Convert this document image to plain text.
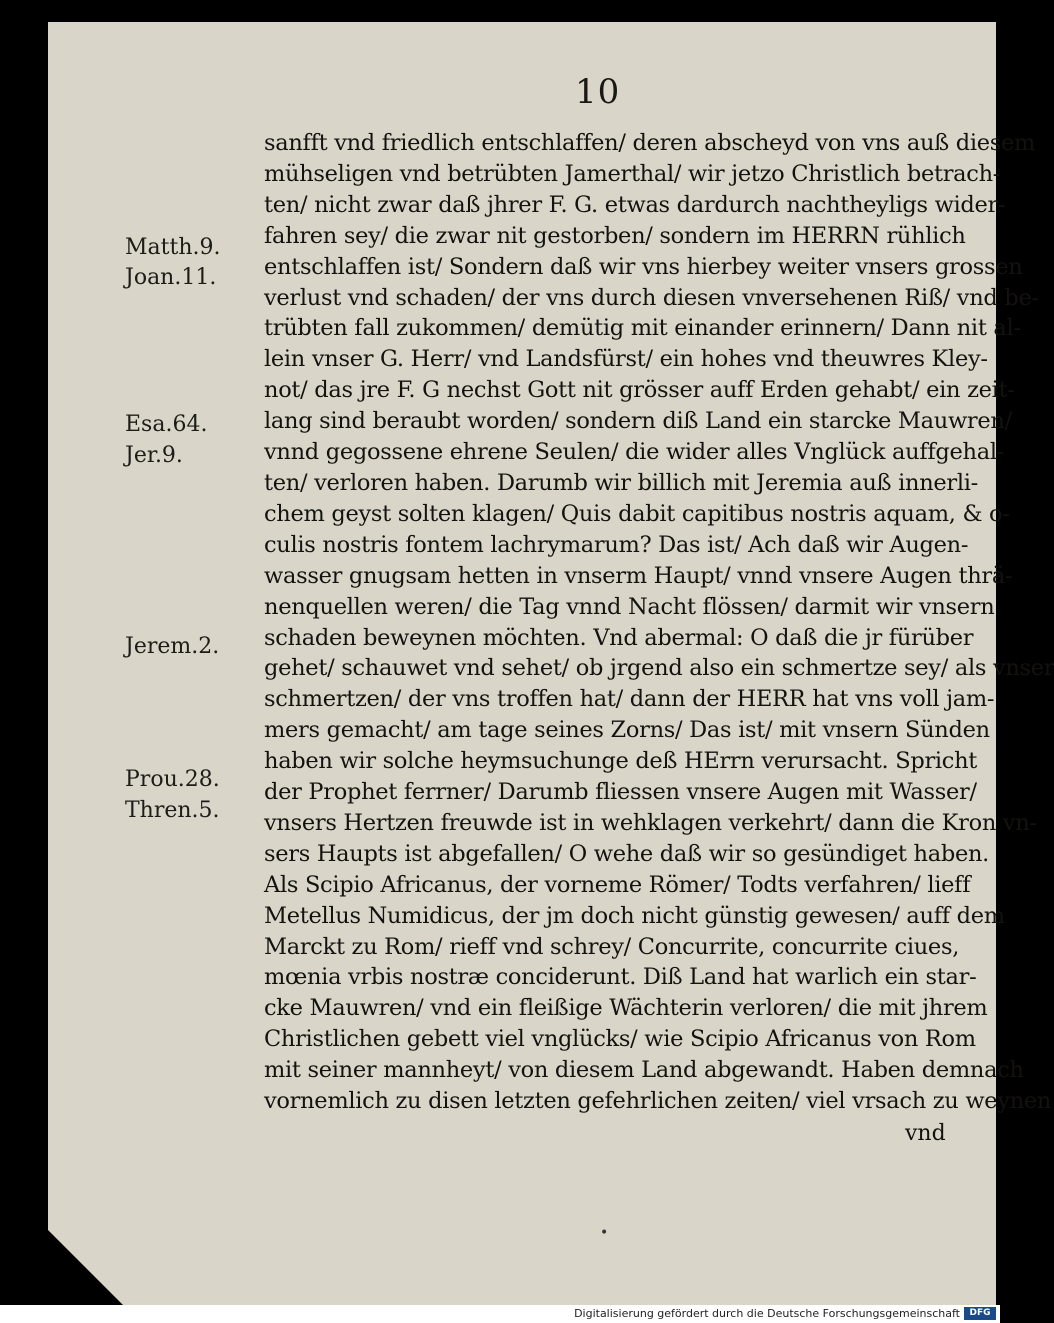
10
Matth.9.
Joan.11.
Esa.64.
Jer.9.
Jerem.2.
Prou.28.
Thren.5.
sanfft vnd friedlich entschlaffen/ deren abscheyd von vns auß diesem
mühseligen vnd betrübten Jamerthal/ wir jetzo Christlich betrach-
ten/ nicht zwar daß jhrer F. G. etwas dardurch nachtheyligs wider-
fahren sey/ die zwar nit gestorben/ sondern im HERRN rühlich
entschlaffen ist/ Sondern daß wir vns hierbey weiter vnsers grossen
verlust vnd schaden/ der vns durch diesen vnversehenen Riß/ vnd be-
trübten fall zukommen/ demütig mit einander erinnern/ Dann nit al-
lein vnser G. Herr/ vnd Landsfürst/ ein hohes vnd theuwres Kley-
not/ das jre F. G nechst Gott nit grösser auff Erden gehabt/ ein zeit-
lang sind beraubt worden/ sondern diß Land ein starcke Mauwren/
vnnd gegossene ehrene Seulen/ die wider alles Vnglück auffgehal-
ten/ verloren haben. Darumb wir billich mit Jeremia auß innerli-
chem geyst solten klagen/ Quis dabit capitibus nostris aquam, & o-
culis nostris fontem lachrymarum? Das ist/ Ach daß wir Augen-
wasser gnugsam hetten in vnserm Haupt/ vnnd vnsere Augen thrä-
nenquellen weren/ die Tag vnnd Nacht flössen/ darmit wir vnsern
schaden beweynen möchten. Vnd abermal: O daß die jr fürüber
gehet/ schauwet vnd sehet/ ob jrgend also ein schmertze sey/ als vnser
schmertzen/ der vns troffen hat/ dann der HERR hat vns voll jam-
mers gemacht/ am tage seines Zorns/ Das ist/ mit vnsern Sünden
haben wir solche heymsuchunge deß HErrn verursacht. Spricht
der Prophet ferrner/ Darumb fliessen vnsere Augen mit Wasser/
vnsers Hertzen freuwde ist in wehklagen verkehrt/ dann die Kron vn-
sers Haupts ist abgefallen/ O wehe daß wir so gesündiget haben.
Als Scipio Africanus, der vorneme Römer/ Todts verfahren/ lieff
Metellus Numidicus, der jm doch nicht günstig gewesen/ auff dem
Marckt zu Rom/ rieff vnd schrey/ Concurrite, concurrite ciues,
mœnia vrbis nostræ conciderunt. Diß Land hat warlich ein star-
cke Mauwren/ vnd ein fleißige Wächterin verloren/ die mit jhrem
Christlichen gebett viel vnglücks/ wie Scipio Africanus von Rom
mit seiner mannheyt/ von diesem Land abgewandt. Haben demnach
vornemlich zu disen letzten gefehrlichen zeiten/ viel vrsach zu weynen
vnd
•
Digitalisierung gefördert durch die Deutsche Forschungsgemeinschaft	DFG
